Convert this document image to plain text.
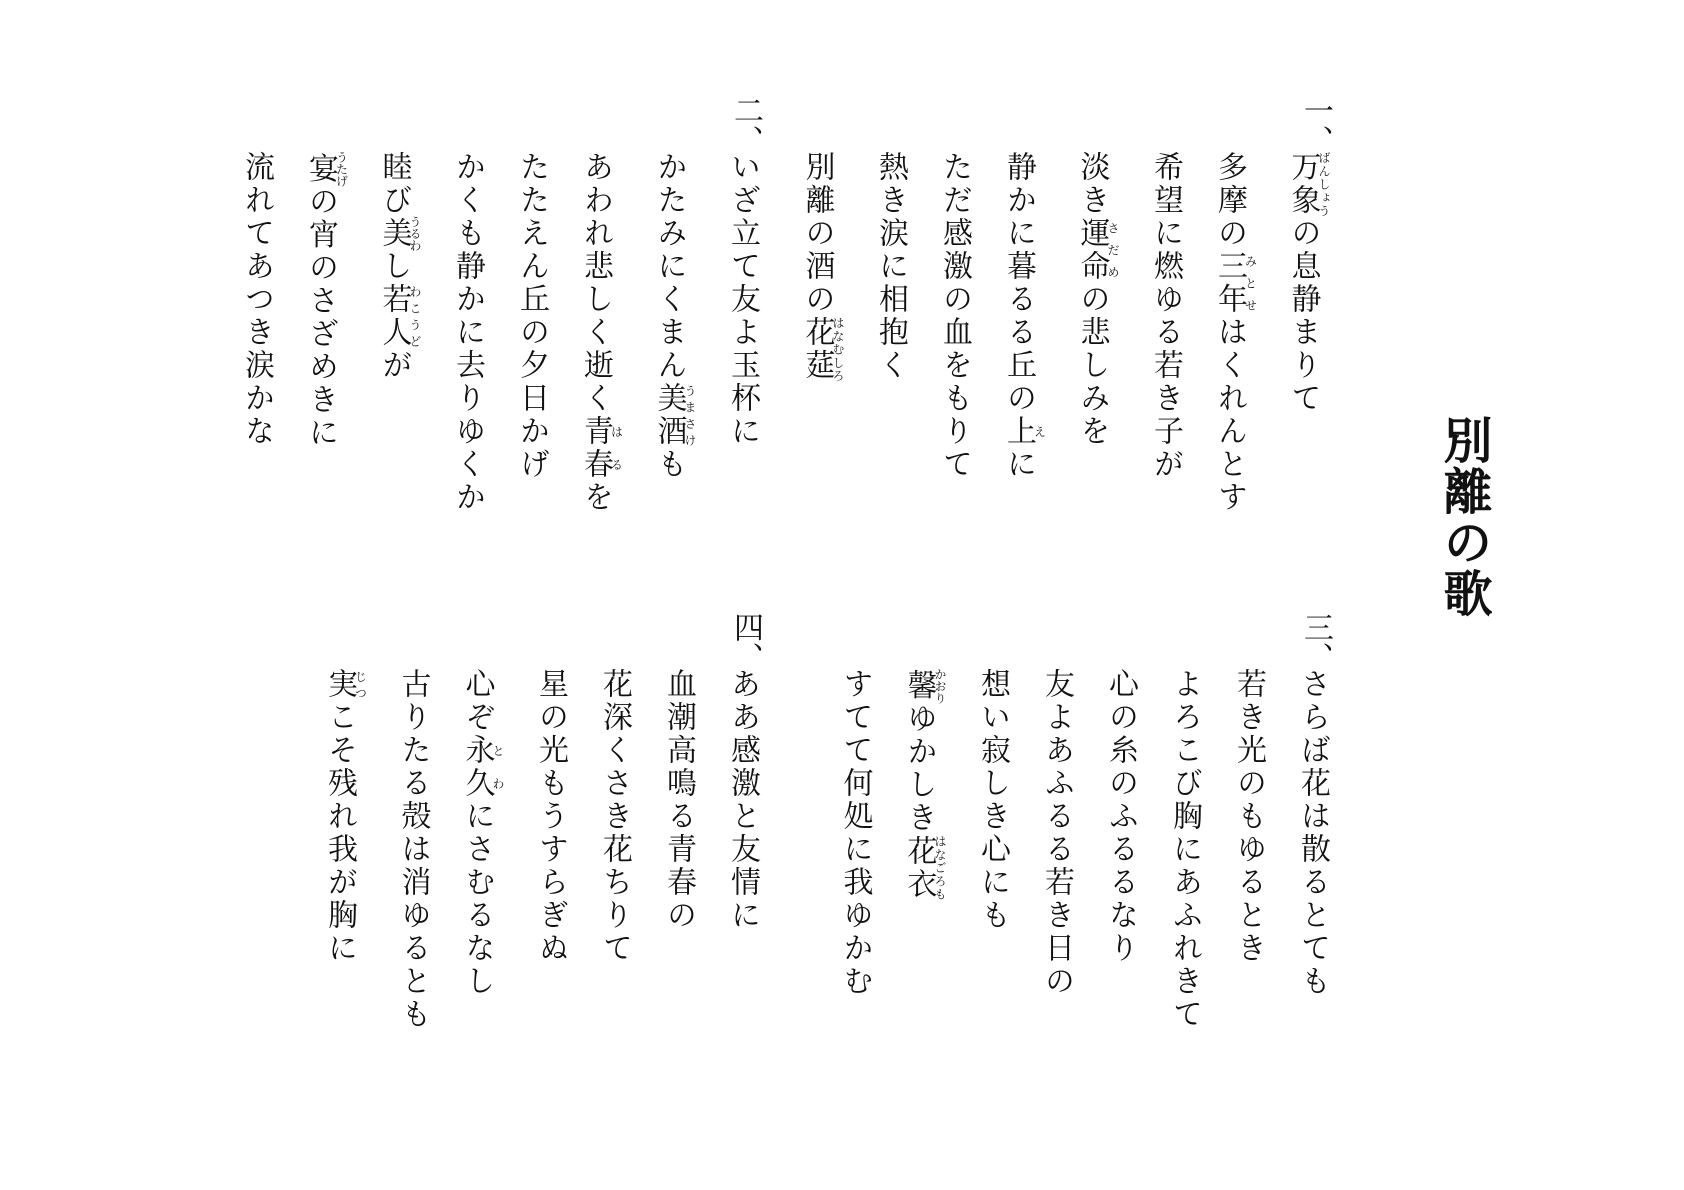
別離の歌
一、
万象ばんしょうの息静まりて
多摩の三年みとせはくれんとす
希望に燃ゆる若き子が
淡き運命さだめの悲しみを
静かに暮るる丘の上えに
ただ感激の血をもりて
熱き涙に相抱く
別離の酒の花莚はなむしろ
二、
いざ立て友よ玉杯に
かたみにくまん美酒うまさけも
あわれ悲しく逝く青春はるを
たたえん丘の夕日かげ
かくも静かに去りゆくか
睦び美うるわし若人わこうどが
宴うたげの宵のさざめきに
流れてあつき涙かな
三、
さらば花は散るとても
若き光のもゆるとき
よろこび胸にあふれきて
心の糸のふるるなり
友よあふるる若き日の
想い寂しき心にも
馨かおりゆかしき花衣はなごろも
すてて何処に我ゆかむ
四、
ああ感激と友情に
血潮高鳴る青春の
花深くさき花ちりて
星の光もうすらぎぬ
心ぞ永久とわにさむるなし
古りたる殻は消ゆるとも
実じつこそ残れ我が胸に
